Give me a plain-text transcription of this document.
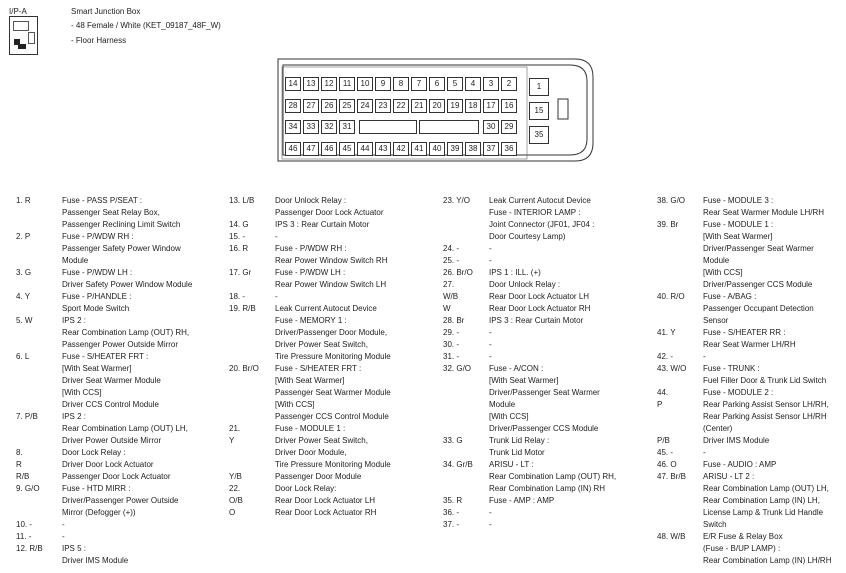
I/P-A	Smart Junction Box
- 48 Female / White (KET_09187_48F_W)
- Floor Harness
14	13	12	11	10	9	8	7	6	5	4	3	2
28	27	26	25	24	23	22	21	20	19	18	17	16
34	33	32	31	30	29
46	47	46	45	44	43	42	41	40	39	38	37	36
1
15
35
1. R	Fuse - PASS P/SEAT :
Passenger Seat Relay Box,
Passenger Reclining Limit Switch
2. P	Fuse - P/WDW RH :
Passenger Safety Power Window
Module
3. G	Fuse - P/WDW LH :
Driver Safety Power Window Module
4. Y	Fuse - P/HANDLE :
Sport Mode Switch
5. W	IPS 2 :
Rear Combination Lamp (OUT) RH,
Passenger Power Outside Mirror
6. L	Fuse - S/HEATER FRT :
[With Seat Warmer]
Driver Seat Warmer Module
[With CCS]
Driver CCS Control Module
7. P/B	IPS 2 :
Rear Combination Lamp (OUT) LH,
Driver Power Outside Mirror
8.	Door Lock Relay :
R	Driver Door Lock Actuator
R/B	Passenger Door Lock Actuator
9. G/O	Fuse - HTD MIRR :
Driver/Passenger Power Outside
Mirror (Defogger (+))
10. -	-
11. -	-
12. R/B IPS 5 :
Driver IMS Module
13. L/B	Door Unlock Relay :
Passenger Door Lock Actuator
14. G	IPS 3 : Rear Curtain Motor
15. -	-
16. R	Fuse - P/WDW RH :
Rear Power Window Switch RH
17. Gr	Fuse - P/WDW LH :
Rear Power Window Switch LH
18. -	-
19. R/B Leak Current Autocut Device
Fuse - MEMORY 1 :
Driver/Passenger Door Module,
Driver Power Seat Switch,
Tire Pressure Monitoring Module
20. Br/O Fuse - S/HEATER FRT :
[With Seat Warmer]
Passenger Seat Warmer Module
[With CCS]
Passenger CCS Control Module
21.	Fuse - MODULE 1 :
Y	Driver Power Seat Switch,
Driver Door Module,
Tire Pressure Monitoring Module
Y/B	Passenger Door Module
22.	Door Lock Relay:
O/B	Rear Door Lock Actuator LH
O	Rear Door Lock Actuator RH
23. Y/O Leak Current Autocut Device
Fuse - INTERIOR LAMP :
Joint Connector (JF01, JF04 :
Door Courtesy Lamp)
24. -	-
25. -	-
26. Br/O IPS 1 : ILL. (+)
27.	Door Unlock Relay :
W/B	Rear Door Lock Actuator LH
W	Rear Door Lock Actuator RH
28. Br	IPS 3 : Rear Curtain Motor
29. -	-
30. -	-
31. -	-
32. G/O Fuse - A/CON :
[With Seat Warmer]
Driver/Passenger Seat Warmer
Module
[With CCS]
Driver/Passenger CCS Module
33. G	Trunk Lid Relay :
Trunk Lid Motor
34. Gr/B ARISU - LT :
Rear Combination Lamp (OUT) RH,
Rear Combination Lamp (IN) RH
35. R	Fuse - AMP : AMP
36. -	-
37. -	-
38. G/O Fuse - MODULE 3 :
Rear Seat Warmer Module LH/RH
39. Br	Fuse - MODULE 1 :
[With Seat Warmer]
Driver/Passenger Seat Warmer
Module
[With CCS]
Driver/Passenger CCS Module
40. R/O Fuse - A/BAG :
Passenger Occupant Detection
Sensor
41. Y	Fuse - S/HEATER RR :
Rear Seat Warmer LH/RH
42. -	-
43. W/O Fuse - TRUNK :
Fuel Filler Door & Trunk Lid Switch
44.	Fuse - MODULE 2 :
P	Rear Parking Assist Sensor LH/RH,
Rear Parking Assist Sensor LH/RH
(Center)
P/B	Driver IMS Module
45. -	-
46. O	Fuse - AUDIO : AMP
47. Br/B ARISU - LT 2 :
Rear Combination Lamp (OUT) LH,
Rear Combination Lamp (IN) LH,
License Lamp & Trunk Lid Handle
Switch
48. W/B E/R Fuse & Relay Box
(Fuse - B/UP LAMP) :
Rear Combination Lamp (IN) LH/RH
